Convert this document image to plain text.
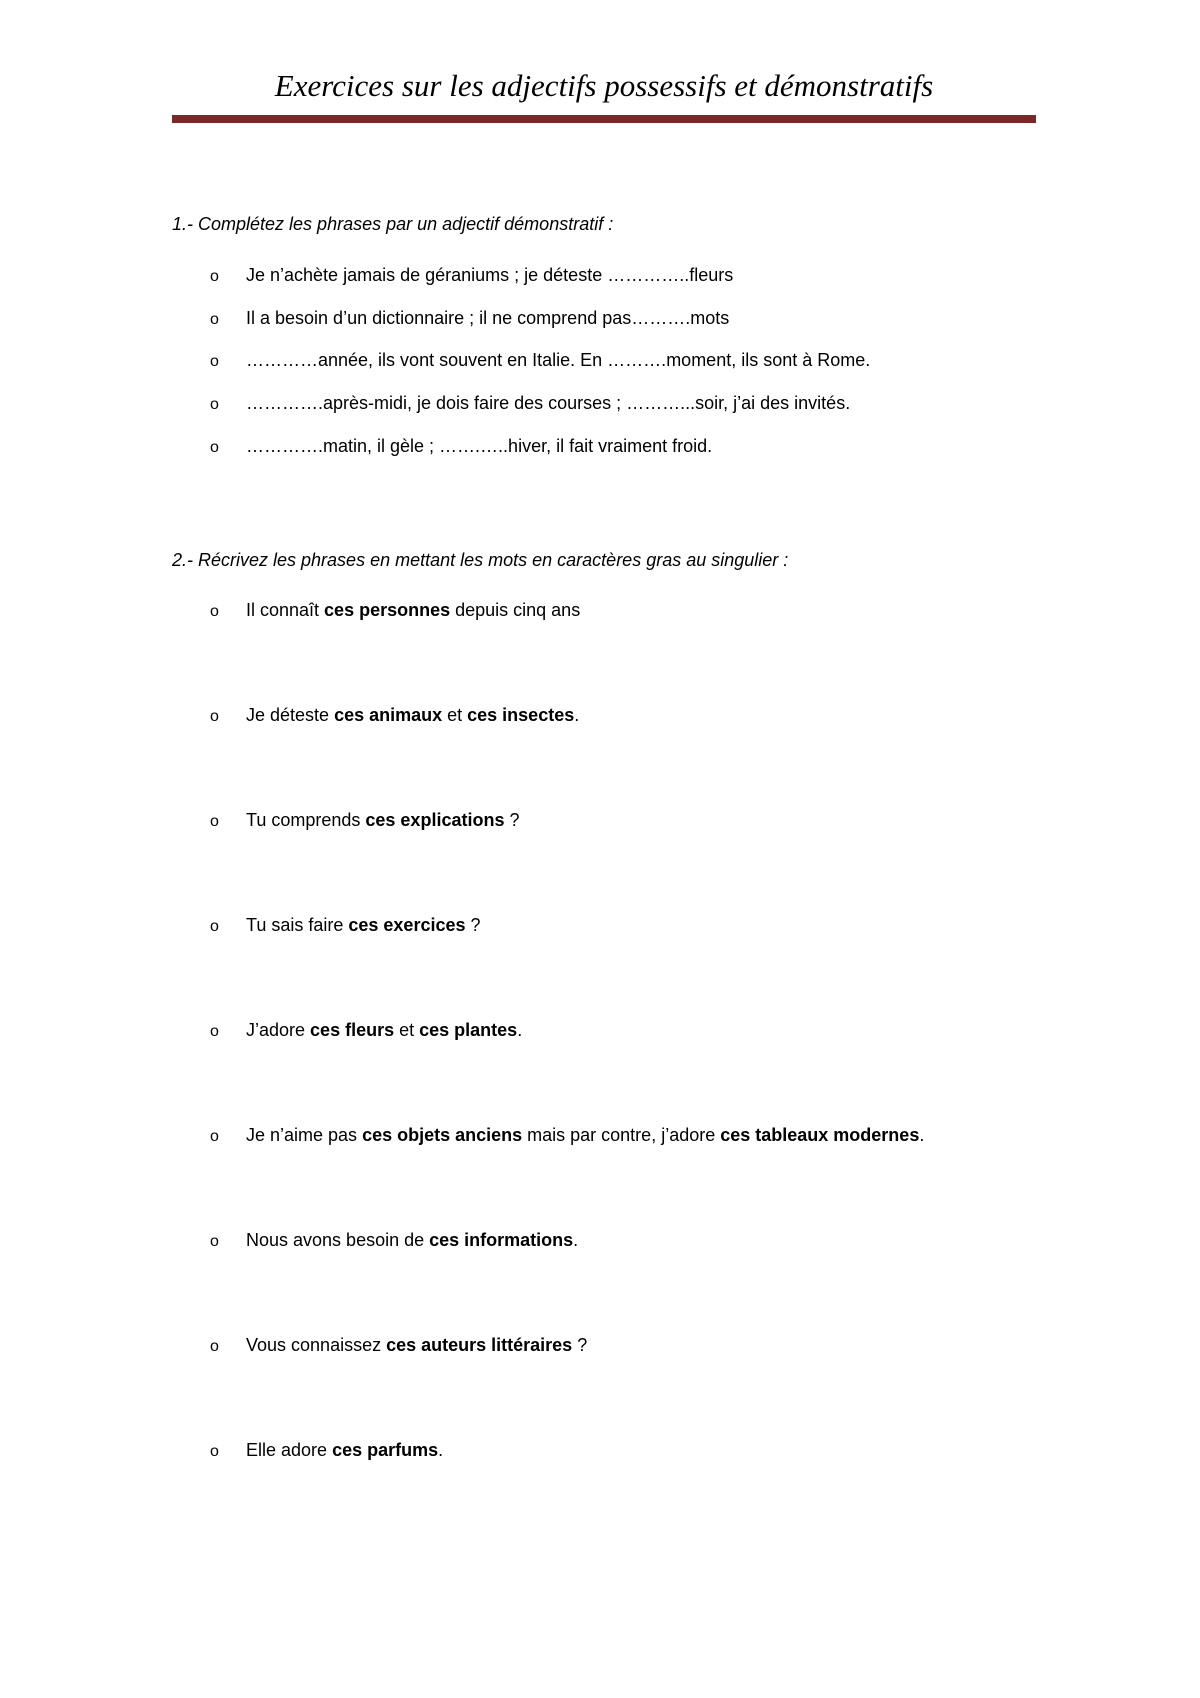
Exercices sur les adjectifs possessifs et démonstratifs
1.- Complétez les phrases par un adjectif démonstratif :
o	Je n’achète jamais de géraniums ; je déteste …………..fleurs
o	Il a besoin d’un dictionnaire ; il ne comprend pas……….mots
o	…………année, ils vont souvent en Italie. En ……….moment, ils sont à Rome.
o	………….après-midi, je dois faire des courses ; ………...soir, j’ai des invités.
o	………….matin, il gèle ; …….…..hiver, il fait vraiment froid.
2.- Récrivez les phrases en mettant les mots en caractères gras au singulier :
o	Il connaît ces personnes depuis cinq ans
o	Je déteste ces animaux et ces insectes.
o	Tu comprends ces explications ?
o	Tu sais faire ces exercices ?
o	J’adore ces fleurs et ces plantes.
o	Je n’aime pas ces objets anciens mais par contre, j’adore ces tableaux modernes.
o	Nous avons besoin de ces informations.
o	Vous connaissez ces auteurs littéraires ?
o	Elle adore ces parfums.
